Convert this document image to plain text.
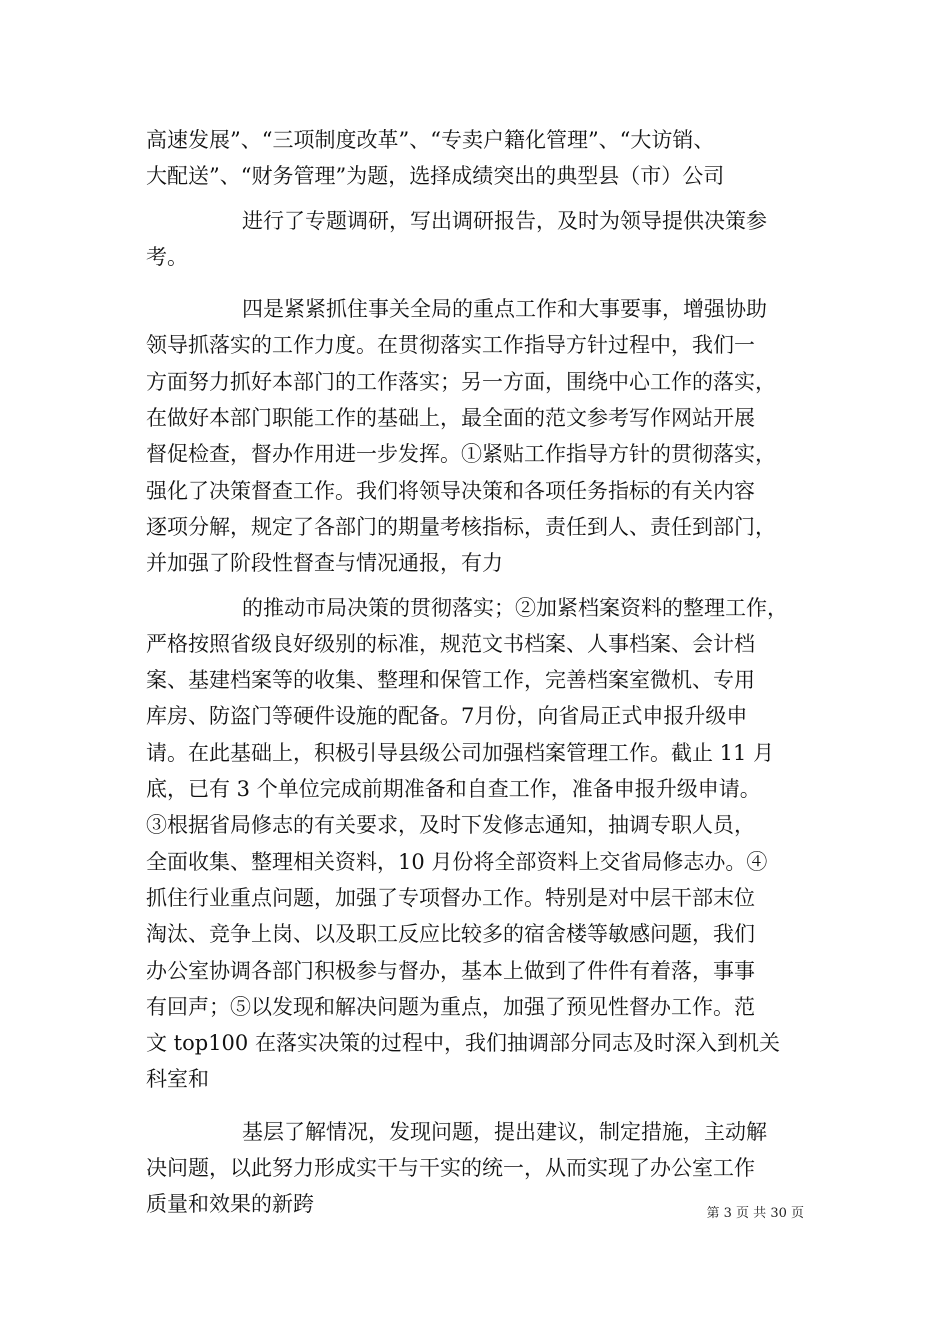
高速发展”、“三项制度改革”、“专卖户籍化管理”、“大访销、
大配送”、“财务管理”为题，选择成绩突出的典型县（市）公司
进行了专题调研，写出调研报告，及时为领导提供决策参
考。
四是紧紧抓住事关全局的重点工作和大事要事，增强协助
领导抓落实的工作力度。在贯彻落实工作指导方针过程中，我们一
方面努力抓好本部门的工作落实；另一方面，围绕中心工作的落实，
在做好本部门职能工作的基础上，最全面的范文参考写作网站开展
督促检查，督办作用进一步发挥。①紧贴工作指导方针的贯彻落实，
强化了决策督查工作。我们将领导决策和各项任务指标的有关内容
逐项分解，规定了各部门的期量考核指标，责任到人、责任到部门，
并加强了阶段性督查与情况通报，有力
的推动市局决策的贯彻落实；②加紧档案资料的整理工作，
严格按照省级良好级别的标准，规范文书档案、人事档案、会计档
案、基建档案等的收集、整理和保管工作，完善档案室微机、专用
库房、防盗门等硬件设施的配备。7月份，向省局正式申报升级申
请。在此基础上，积极引导县级公司加强档案管理工作。截止 11 月
底，已有 3 个单位完成前期准备和自查工作，准备申报升级申请。
③根据省局修志的有关要求，及时下发修志通知，抽调专职人员，
全面收集、整理相关资料，10 月份将全部资料上交省局修志办。④
抓住行业重点问题，加强了专项督办工作。特别是对中层干部末位
淘汰、竞争上岗、以及职工反应比较多的宿舍楼等敏感问题，我们
办公室协调各部门积极参与督办，基本上做到了件件有着落，事事
有回声；⑤以发现和解决问题为重点，加强了预见性督办工作。范
文 top100 在落实决策的过程中，我们抽调部分同志及时深入到机关
科室和
基层了解情况，发现问题，提出建议，制定措施，主动解
决问题，以此努力形成实干与干实的统一，从而实现了办公室工作
质量和效果的新跨	第 3 页 共 30 页
